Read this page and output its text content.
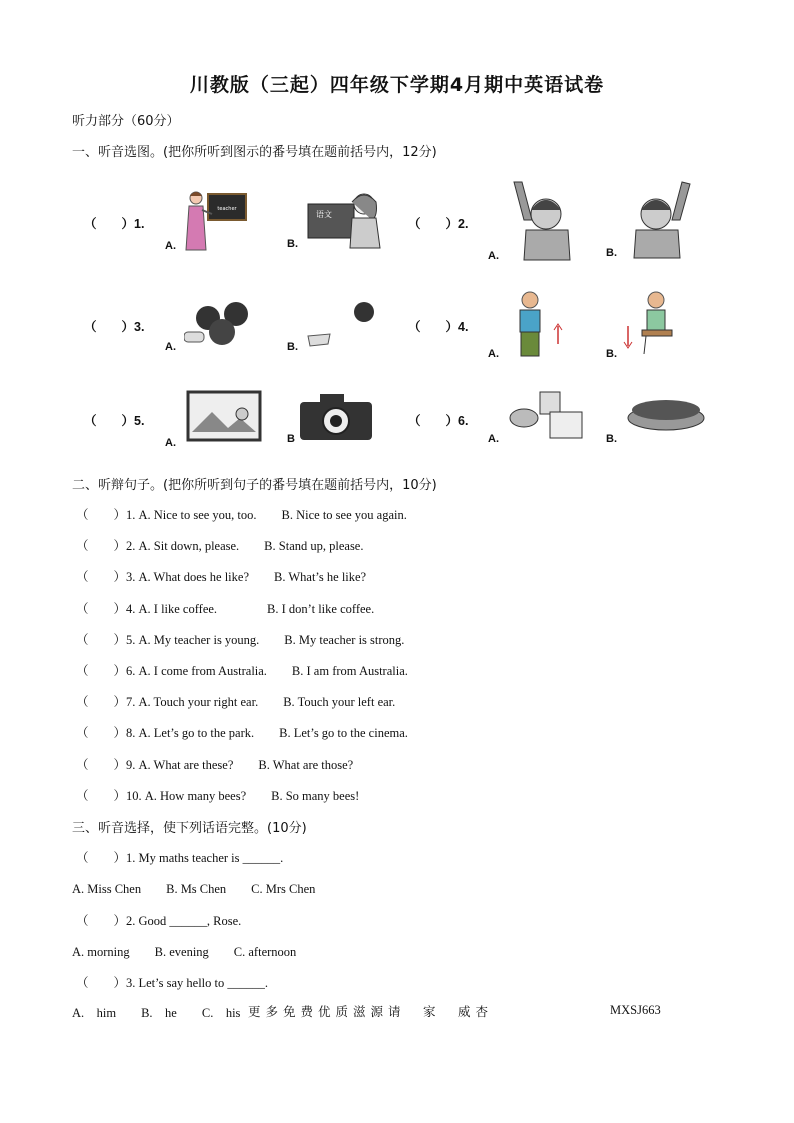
川教版（三起）四年级下学期4月期中英语试卷
听力部分（60分）
一、听音选图。(把你所听到图示的番号填在题前括号内，12分)
（　　）1.
A.
teacher
B.
语文
（　　）2.
A.	B.
（　　）3.
A.	B.
（　　）4.
A.	B.
（　　）5.
A.	B
（　　）6.
A.	B.
二、听辩句子。(把你所听到句子的番号填在题前括号内，10分)
（　　）1. A. Nice to see you, too.　　B. Nice to see you again.
（　　）2. A. Sit down, please.　　B. Stand up, please.
（　　）3. A. What does he like?　　B. What’s he like?
（　　）4. A. I like coffee.　　　　B. I don’t like coffee.
（　　）5. A. My teacher is young.　　B. My teacher is strong.
（　　）6. A. I come from Australia.　　B. I am from Australia.
（　　）7. A. Touch your right ear.　　B. Touch your left ear.
（　　）8. A. Let’s go to the park.　　B. Let’s go to the cinema.
（　　）9. A. What are these?　　B. What are those?
（　　）10. A. How many bees?　　B. So many bees!
三、听音选择，使下列话语完整。(10分)
（　　）1. My maths teacher is ______.
A. Miss Chen　　B. Ms Chen　　C. Mrs Chen
（　　）2. Good ______, Rose.
A. morning　　B. evening　　C. afternoon
（　　）3. Let’s say hello to ______.
A.　him　　B.　he　　C.　his 更多免费优质滋源请　家　威杏	MXSJ663
